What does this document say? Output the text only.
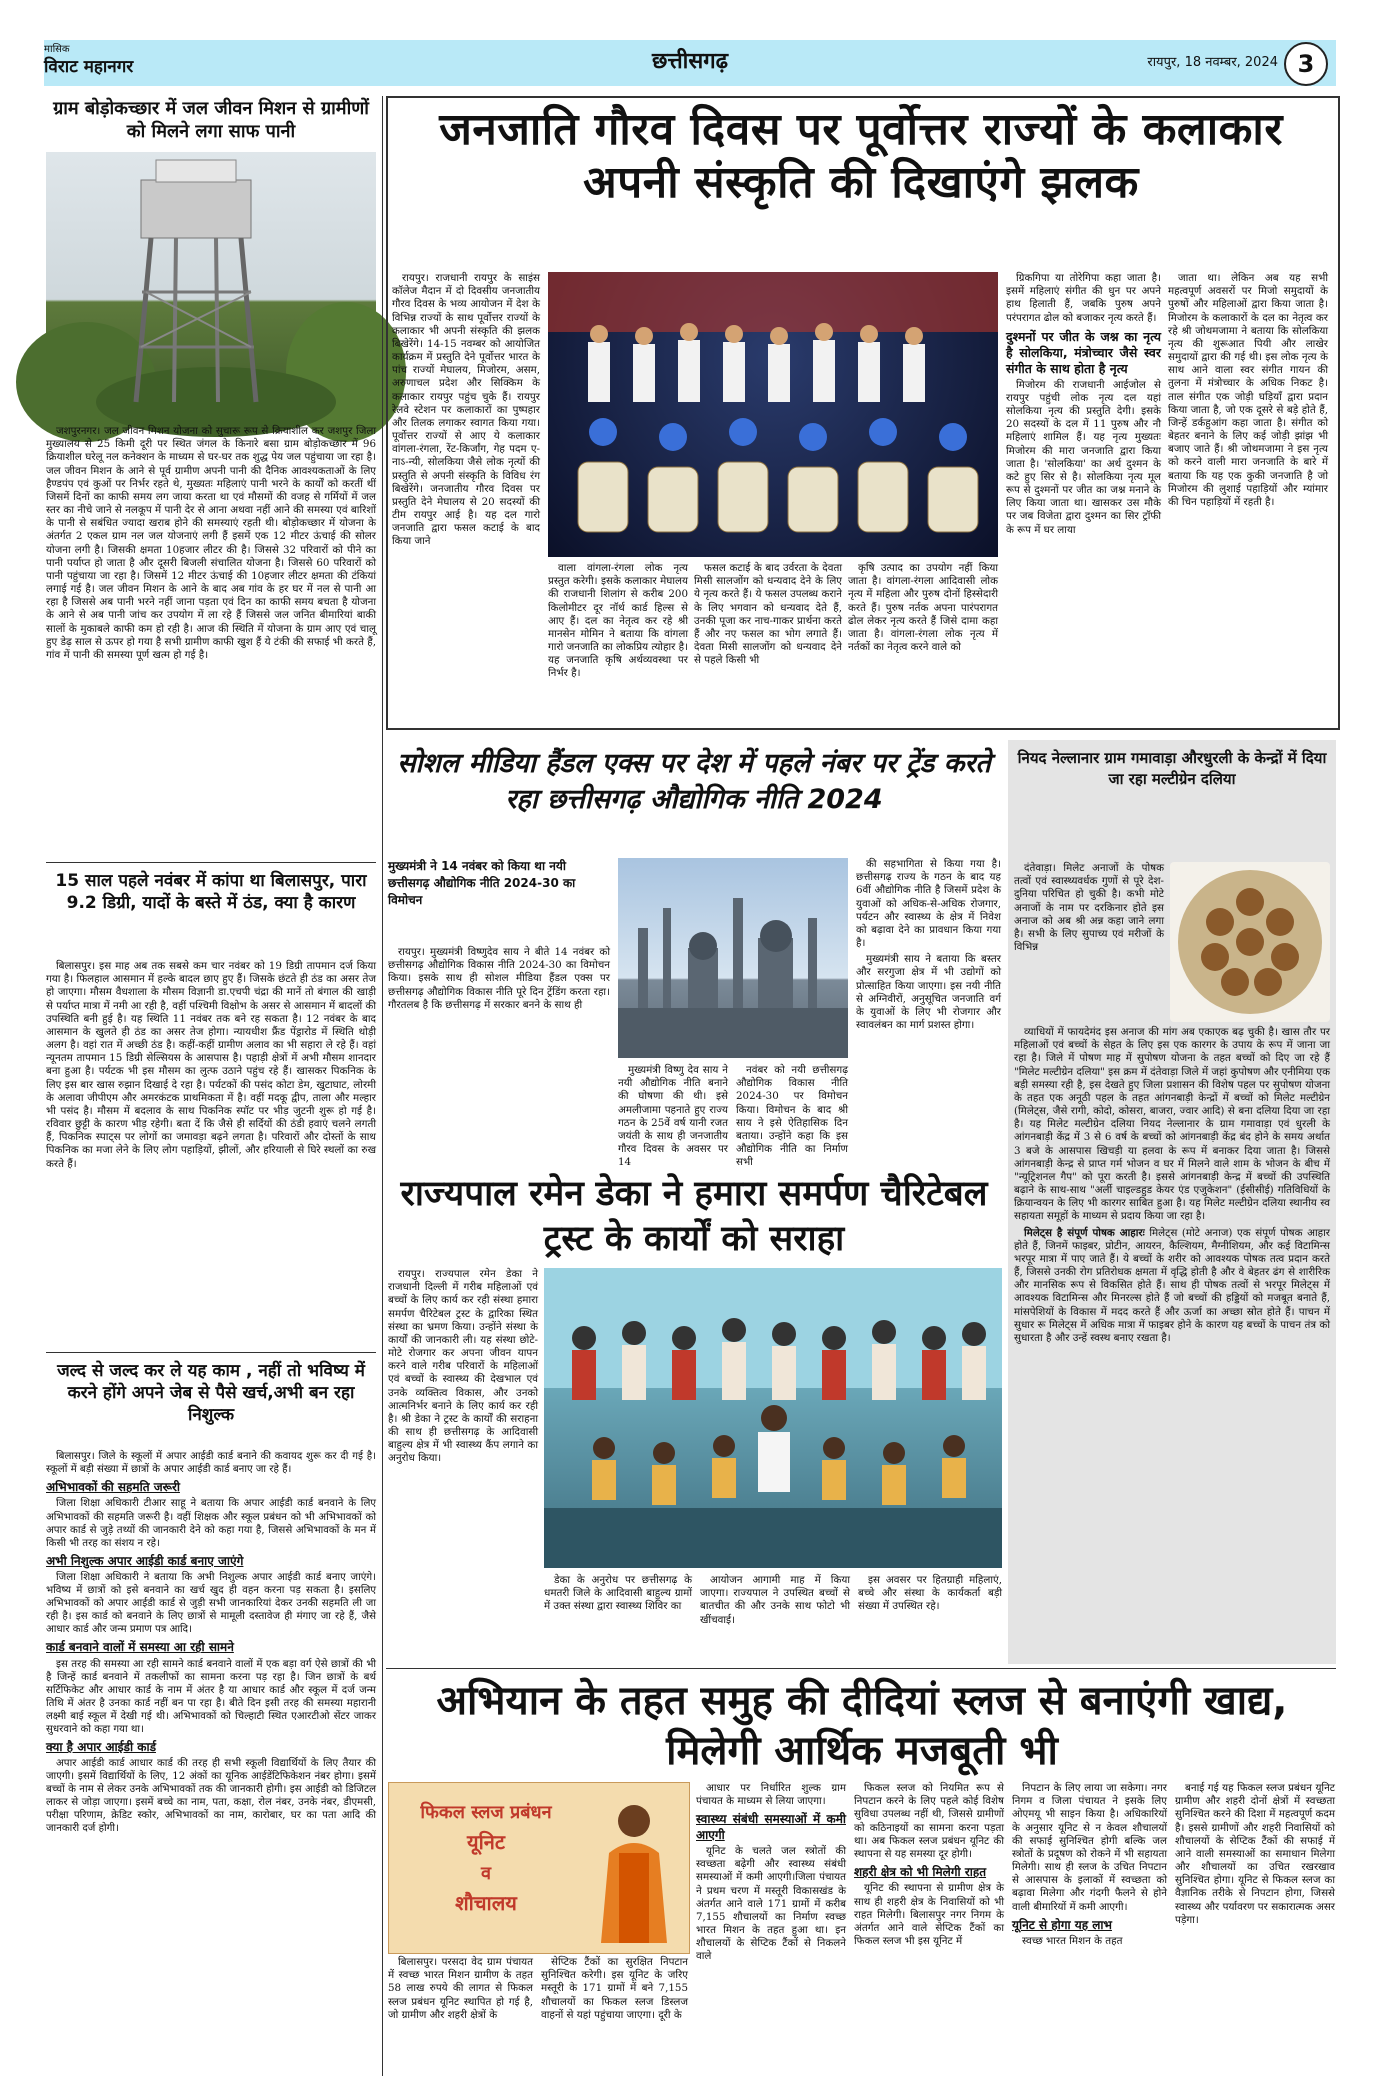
मासिक
विराट महानगर	छत्तीसगढ़	रायपुर, 18 नवम्बर, 2024 3
ग्राम बोड़ोकच्छार में जल जीवन मिशन से ग्रामीणों को मिलने लगा साफ पानी

जशपुरनगर। जल जीवन मिशन योजना को सुचारू रूप से क्रियाशील कर जशपुर जिला मुख्यालय से 25 किमी दूरी पर स्थित जंगल के किनारे बसा ग्राम बोड़ोकच्छार में 96 क्रियाशील घरेलू नल कनेक्शन के माध्यम से घर-घर तक शुद्ध पेय जल पहुंचाया जा रहा है। जल जीवन मिशन के आने से पूर्व ग्रामीण अपनी पानी की दैनिक आवश्यकताओं के लिए हैण्डपंप एवं कुओं पर निर्भर रहते थे, मुख्यतः महिलाएं पानी भरने के कार्यों को करतीं थीं जिसमें दिनों का काफी समय लग जाया करता था एवं मौसमों की वजह से गर्मियों में जल स्तर का नीचे जाने से नलकूप में पानी देर से आना अथवा नहीं आने की समस्या एवं बारिशों के पानी से सबंधित ज्यादा खराब होने की समस्याएं रहती थी। बोड़ोकच्छार में योजना के अंतर्गत 2 एकल ग्राम नल जल योजनाएं लगी हैं इसमें एक 12 मीटर ऊंचाई की सोलर योजना लगी है। जिसकी क्षमता 10हजार लीटर की है। जिससे 32 परिवारों को पीने का पानी पर्याप्त हो जाता है और दूसरी बिजली संचालित योजना है। जिससे 60 परिवारों को पानी पहुंचाया जा रहा है। जिसमें 12 मीटर ऊंचाई की 10हजार लीटर क्षमता की टंकियां लगाई गई है। जल जीवन मिशन के आने के बाद अब गांव के हर घर में नल से पानी आ रहा है जिससे अब पानी भरने नहीं जाना पड़ता एवं दिन का काफी समय बचता है योजना के आने से अब पानी जांच कर उपयोग में ला रहे हैं जिससे जल जनित बीमारियां बाकी सालों के मुकाबले काफी कम हो रही है। आज की स्थिति में योजना के ग्राम आए एवं चालू हुए डेढ़ साल से ऊपर हो गया है सभी ग्रामीण काफी खुश हैं ये टंकी की सफाई भी करते हैं, गांव में पानी की समस्या पूर्ण खत्म हो गई है।

15 साल पहले नवंबर में कांपा था बिलासपुर, पारा 9.2 डिग्री, यादों के बस्ते में ठंड, क्या है कारण

बिलासपुर। इस माह अब तक सबसे कम चार नवंबर को 19 डिग्री तापमान दर्ज किया गया है। फिलहाल आसमान में हल्के बादल छाए हुए हैं। जिसके छंटते ही ठंड का असर तेज हो जाएगा। मौसम वैधशाला के मौसम विज्ञानी डा.एचपी चंद्रा की मानें तो बंगाल की खाड़ी से पर्याप्त मात्रा में नमी आ रही है, वहीं पश्चिमी विक्षोभ के असर से आसमान में बादलों की उपस्थिति बनी हुई है। यह स्थिति 11 नवंबर तक बने रह सकता है। 12 नवंबर के बाद आसमान के खुलते ही ठंड का असर तेज होगा। न्यायधीश फ्रैंड पेंड्रारोड में स्थिति थोड़ी अलग है। वहां रात में अच्छी ठंड है। कहीं-कहीं ग्रामीण अलाव का भी सहारा ले रहे हैं। वहां न्यूनतम तापमान 15 डिग्री सेल्सियस के आसपास है। पहाड़ी क्षेत्रों में अभी मौसम शानदार बना हुआ है। पर्यटक भी इस मौसम का लुत्फ उठाने पहुंच रहे हैं। खासकर पिकनिक के लिए इस बार खास रुझान दिखाई दे रहा है। पर्यटकों की पसंद कोटा डेम, खुटाघाट, लोरमी के अलावा जीपीएम और अमरकंटक प्राथमिकता में है। वहीं मदकू द्वीप, ताला और मल्हार भी पसंद है। मौसम में बदलाव के साथ पिकनिक स्पॉट पर भीड़ जुटनी शुरू हो गई है। रविवार छुट्टी के कारण भीड़ रहेगी। बता दें कि जैसे ही सर्दियों की ठंडी हवाएं चलने लगती हैं, पिकनिक स्पाट्स पर लोगों का जमावड़ा बढ़ने लगता है। परिवारों और दोस्तों के साथ पिकनिक का मजा लेने के लिए लोग पहाड़ियों, झीलों, और हरियाली से घिरे स्थलों का रुख करते हैं।

जल्द से जल्द कर ले यह काम , नहीं तो भविष्य में करने होंगे अपने जेब से पैसे खर्च,अभी बन रहा निशुल्क

बिलासपुर। जिले के स्कूलों में अपार आईडी कार्ड बनाने की कवायद शुरू कर दी गई है। स्कूलों में बड़ी संख्या में छात्रों के अपार आईडी कार्ड बनाए जा रहे हैं।

अभिभावकों की सहमति जरूरी

जिला शिक्षा अधिकारी टीआर साहू ने बताया कि अपार आईडी कार्ड बनवाने के लिए अभिभावकों की सहमति जरूरी है। वहीं शिक्षक और स्कूल प्रबंधन को भी अभिभावकों को अपार कार्ड से जुड़े तथ्यों की जानकारी देने को कहा गया है, जिससे अभिभावकों के मन में किसी भी तरह का संशय न रहे।

अभी निशुल्क अपार आईडी कार्ड बनाए जाएंगे

जिला शिक्षा अधिकारी ने बताया कि अभी निशुल्क अपार आईडी कार्ड बनाए जाएंगे। भविष्य में छात्रों को इसे बनवाने का खर्च खुद ही वहन करना पड़ सकता है। इसलिए अभिभावकों को अपार आईडी कार्ड से जुड़ी सभी जानकारियां देकर उनकी सहमति ली जा रही है। इस कार्ड को बनवाने के लिए छात्रों से मामूली दस्तावेज ही मंगाए जा रहे हैं, जैसे आधार कार्ड और जन्म प्रमाण पत्र आदि।

कार्ड बनवाने वालों में समस्या आ रही सामने

इस तरह की समस्या आ रही सामने कार्ड बनवाने वालों में एक बड़ा वर्ग ऐसे छात्रों की भी है जिन्हें कार्ड बनवाने में तकलीफों का सामना करना पड़ रहा है। जिन छात्रों के बर्थ सर्टिफिकेट और आधार कार्ड के नाम में अंतर है या आधार कार्ड और स्कूल में दर्ज जन्म तिथि में अंतर है उनका कार्ड नहीं बन पा रहा है। बीते दिन इसी तरह की समस्या महारानी लक्ष्मी बाई स्कूल में देखी गई थी। अभिभावकों को चिल्हाटी स्थित एआरटीओ सेंटर जाकर सुधरवाने को कहा गया था।

क्या है अपार आईडी कार्ड

अपार आईडी कार्ड आधार कार्ड की तरह ही सभी स्कूली विद्यार्थियों के लिए तैयार की जाएगी। इसमें विद्यार्थियों के लिए, 12 अंकों का यूनिक आईडेंटिफिकेशन नंबर होगा। इसमें बच्चों के नाम से लेकर उनके अभिभावकों तक की जानकारी होगी। इस आईडी को डिजिटल लाकर से जोड़ा जाएगा। इसमें बच्चे का नाम, पता, कक्षा, रोल नंबर, उनके नंबर, डीएमसी, परीक्षा परिणाम, क्रेडिट स्कोर, अभिभावकों का नाम, कारोबार, घर का पता आदि की जानकारी दर्ज होगी।

जनजाति गौरव दिवस पर पूर्वोत्तर राज्यों के कलाकार अपनी संस्कृति की दिखाएंगे झलक

रायपुर। राजधानी रायपुर के साइंस कॉलेज मैदान में दो दिवसीय जनजातीय गौरव दिवस के भव्य आयोजन में देश के विभिन्न राज्यों के साथ पूर्वोत्तर राज्यों के कलाकार भी अपनी संस्कृति की झलक बिखेरेंगे। 14-15 नवम्बर को आयोजित कार्यक्रम में प्रस्तुति देने पूर्वोत्तर भारत के पांच राज्यों मेघालय, मिजोरम, असम, अरुणाचल प्रदेश और सिक्किम के कलाकार रायपुर पहुंच चुके हैं। रायपुर रेलवे स्टेशन पर कलाकारों का पुष्पहार और तिलक लगाकर स्वागत किया गया। पूर्वोत्तर राज्यों से आए ये कलाकार वांगला-रंगला, रेंट-किर्जांग, गेह पदम ए-नाऽ-न्यी, सोलकिया जैसे लोक नृत्यों की प्रस्तुति से अपनी संस्कृति के विविध रंग बिखेरेंगे। जनजातीय गौरव दिवस पर प्रस्तुति देने मेघालय से 20 सदस्यों की टीम रायपुर आई है। यह दल गारो जनजाति द्वारा फसल कटाई के बाद किया जाने

वाला वांगला-रंगला लोक नृत्य प्रस्तुत करेगी। इसके कलाकार मेघालय की राजधानी शिलांग से करीब 200 किलोमीटर दूर नॉर्थ कार्ड हिल्स से आए हैं। दल का नेतृत्व कर रहे श्री मानसेन मोमिन ने बताया कि वांगला गारो जनजाति का लोकप्रिय त्योहार है। यह जनजाति कृषि अर्थव्यवस्था पर निर्भर है।

फसल कटाई के बाद उर्वरता के देवता मिसी सालजोंग को धन्यवाद देने के लिए ये नृत्य करते हैं। ये फसल उपलब्ध कराने के लिए भगवान को धन्यवाद देते हैं, उनकी पूजा कर नाच-गाकर प्रार्थना करते हैं और नए फसल का भोग लगाते हैं। देवता मिसी सालजोंग को धन्यवाद देने से पहले किसी भी

कृषि उत्पाद का उपयोग नहीं किया जाता है। वांगला-रंगला आदिवासी लोक नृत्य में महिला और पुरुष दोनों हिस्सेदारी करते हैं। पुरुष नर्तक अपना पारंपरागत ढोल लेकर नृत्य करते हैं जिसे दामा कहा जाता है। वांगला-रंगला लोक नृत्य में नर्तकों का नेतृत्व करने वाले को

ग्रिकगिपा या तोरेगिपा कहा जाता है। इसमें महिलाएं संगीत की धुन पर अपने हाथ हिलाती हैं, जबकि पुरुष अपने परंपरागत ढोल को बजाकर नृत्य करते हैं।

दुश्मनों पर जीत के जश्न का नृत्य है सोलकिया, मंत्रोच्चार जैसे स्वर संगीत के साथ होता है नृत्य

मिजोरम की राजधानी आईजोल से रायपुर पहुंची लोक नृत्य दल यहां सोलकिया नृत्य की प्रस्तुति देगी। इसके 20 सदस्यों के दल में 11 पुरुष और नौ महिलाएं शामिल हैं। यह नृत्य मुख्यतः मिजोरम की मारा जनजाति द्वारा किया जाता है। 'सोलकिया' का अर्थ दुश्मन के कटे हुए सिर से है। सोलकिया नृत्य मूल रूप से दुश्मनों पर जीत का जश्न मनाने के लिए किया जाता था। खासकर उस मौके पर जब विजेता द्वारा दुश्मन का सिर ट्रॉफी के रूप में घर लाया

जाता था। लेकिन अब यह सभी महत्वपूर्ण अवसरों पर मिजो समुदायों के पुरुषों और महिलाओं द्वारा किया जाता है। मिजोरम के कलाकारों के दल का नेतृत्व कर रहे श्री जोथमजामा ने बताया कि सोलकिया नृत्य की शुरूआत पियी और लाखेर समुदायों द्वारा की गई थी। इस लोक नृत्य के साथ आने वाला स्वर संगीत गायन की तुलना में मंत्रोच्चार के अधिक निकट है। ताल संगीत एक जोड़ी घड़ियाँ द्वारा प्रदान किया जाता है, जो एक दूसरे से बड़े होते हैं, जिन्हें डर्कहुआंग कहा जाता है। संगीत को बेहतर बनाने के लिए कई जोड़ी झांझ भी बजाए जाते हैं। श्री जोथमजामा ने इस नृत्य को करने वाली मारा जनजाति के बारे में बताया कि यह एक कुकी जनजाति है जो मिजोरम की लुशाई पहाड़ियों और म्यांमार की चिन पहाड़ियों में रहती है।

सोशल मीडिया हैंडल एक्स पर देश में पहले नंबर पर ट्रेंड करते रहा छत्तीसगढ़ औद्योगिक नीति 2024
मुख्यमंत्री ने 14 नवंबर को किया था नयी छत्तीसगढ़ औद्योगिक नीति 2024-30 का विमोचन

रायपुर। मुख्यमंत्री विष्णुदेव साय ने बीते 14 नवंबर को छत्तीसगढ़ औद्योगिक विकास नीति 2024-30 का विमोचन किया। इसके साथ ही सोशल मीडिया हैंडल एक्स पर छत्तीसगढ़ औद्योगिक विकास नीति पूरे दिन ट्रेंडिंग करता रहा। गौरतलब है कि छत्तीसगढ़ में सरकार बनने के साथ ही

मुख्यमंत्री विष्णु देव साय ने नयी औद्योगिक नीति बनाने की घोषणा की थी। इसे अमलीजामा पहनाते हुए राज्य गठन के 25वें वर्ष यानी रजत जयंती के साथ ही जनजातीय गौरव दिवस के अवसर पर 14

नवंबर को नयी छत्तीसगढ़ औद्योगिक विकास नीति 2024-30 पर विमोचन किया। विमोचन के बाद श्री साय ने इसे ऐतिहासिक दिन बताया। उन्होंने कहा कि इस औद्योगिक नीति का निर्माण सभी

की सहभागिता से किया गया है। छत्तीसगढ़ राज्य के गठन के बाद यह 6वीं औद्योगिक नीति है जिसमें प्रदेश के युवाओं को अधिक-से-अधिक रोजगार, पर्यटन और स्वास्थ्य के क्षेत्र में निवेश को बढ़ावा देने का प्रावधान किया गया है।

मुख्यमंत्री साय ने बताया कि बस्तर और सरगुजा क्षेत्र में भी उद्योगों को प्रोत्साहित किया जाएगा। इस नयी नीति से अग्निवीरों, अनुसूचित जनजाति वर्ग के युवाओं के लिए भी रोजगार और स्वावलंबन का मार्ग प्रशस्त होगा।

नियद नेल्लानार ग्राम गमावाड़ा औरधुरली के केन्द्रों में दिया जा रहा मल्टीग्रेन दलिया

दंतेवाड़ा। मिलेट अनाजों के पोषक तत्वों एवं स्वास्थ्यवर्धक गुणों से पूरे देश-दुनिया परिचित हो चुकी है। कभी मोटे अनाजों के नाम पर दरकिनार होते इस अनाज को अब श्री अन्न कहा जाने लगा है। सभी के लिए सुपाच्य एवं मरीजों के विभिन्न

व्याधियों में फायदेमंद इस अनाज की मांग अब एकाएक बढ़ चुकी है। खास तौर पर महिलाओं एवं बच्चों के सेहत के लिए इस एक कारगर के उपाय के रूप में जाना जा रहा है। जिले में पोषण माह में सुपोषण योजना के तहत बच्चों को दिए जा रहे हैं "मिलेट मल्टीग्रेन दलिया" इस क्रम में दंतेवाड़ा जिले में जहां कुपोषण और एनीमिया एक बड़ी समस्या रही है, इस देखते हुए जिला प्रशासन की विशेष पहल पर सुपोषण योजना के तहत एक अनूठी पहल के तहत आंगनबाड़ी केन्द्रों में बच्चों को मिलेट मल्टीग्रेन (मिलेट्स, जैसे रागी, कोदो, कोसरा, बाजरा, ज्वार आदि) से बना दलिया दिया जा रहा है। यह मिलेट मल्टीग्रेन दलिया नियद नेल्लानार के ग्राम गमावाड़ा एवं धुरली के आंगनबाड़ी केंद्र में 3 से 6 वर्ष के बच्चों को आंगनबाड़ी केंद्र बंद होने के समय अर्थात 3 बजे के आसपास खिचड़ी या हलवा के रूप में बनाकर दिया जाता है। जिससे आंगनबाड़ी केन्द्र से प्राप्त गर्म भोजन व घर में मिलने वाले शाम के भोजन के बीच में "न्यूट्रिशनल गैप" को पूरा करती है। इससे आंगनबाड़ी केन्द्र में बच्चों की उपस्थिति बढ़ाने के साथ-साथ "अर्ली चाइल्डहुड केयर एंड एजुकेशन" (ईसीसीई) गतिविधियों के क्रियान्वयन के लिए भी कारगर साबित हुआ है। यह मिलेट मल्टीग्रेन दलिया स्थानीय स्व सहायता समूहों के माध्यम से प्रदाय किया जा रहा है।

मिलेट्स है संपूर्ण पोषक आहारः मिलेट्स (मोटे अनाज) एक संपूर्ण पोषक आहार होते हैं, जिनमें फाइबर, प्रोटीन, आयरन, कैल्शियम, मैग्नीशियम, और कई विटामिन्स भरपूर मात्रा में पाए जाते हैं। ये बच्चों के शरीर को आवश्यक पोषक तत्व प्रदान करते हैं, जिससे उनकी रोग प्रतिरोधक क्षमता में वृद्धि होती है और वे बेहतर ढंग से शारीरिक और मानसिक रूप से विकसित होते हैं। साथ ही पोषक तत्वों से भरपूर मिलेट्स में आवश्यक विटामिन्स और मिनरल्स होते हैं जो बच्चों की हड्डियों को मजबूत बनाते हैं, मांसपेशियों के विकास में मदद करते हैं और ऊर्जा का अच्छा स्रोत होते हैं। पाचन में सुधार रू मिलेट्स में अधिक मात्रा में फाइबर होने के कारण यह बच्चों के पाचन तंत्र को सुधारता है और उन्हें स्वस्थ बनाए रखता है।

राज्यपाल रमेन डेका ने हमारा समर्पण चैरिटेबल ट्रस्ट के कार्यों को सराहा

रायपुर। राज्यपाल रमेन डेका ने राजधानी दिल्ली में गरीब महिलाओं एवं बच्चों के लिए कार्य कर रही संस्था हमारा समर्पण चैरिटेबल ट्रस्ट के द्वारिका स्थित संस्था का भ्रमण किया। उन्होंने संस्था के कार्यों की जानकारी ली। यह संस्था छोटे-मोटे रोजगार कर अपना जीवन यापन करने वाले गरीब परिवारों के महिलाओं एवं बच्चों के स्वास्थ्य की देखभाल एवं उनके व्यक्तित्व विकास, और उनको आत्मनिर्भर बनाने के लिए कार्य कर रही है। श्री डेका ने ट्रस्ट के कार्यों की सराहना की साथ ही छत्तीसगढ़ के आदिवासी बाहुल्य क्षेत्र में भी स्वास्थ्य कैंप लगाने का अनुरोध किया।

डेका के अनुरोध पर छत्तीसगढ़ के धमतरी जिले के आदिवासी बाहुल्य ग्रामों में उक्त संस्था द्वारा स्वास्थ्य शिविर का

आयोजन आगामी माह में किया जाएगा। राज्यपाल ने उपस्थित बच्चों से बातचीत की और उनके साथ फोटो भी खींचवाई।

इस अवसर पर हितग्राही महिलाएं, बच्चे और संस्था के कार्यकर्ता बड़ी संख्या में उपस्थित रहे।

अभियान के तहत समुह की दीदियां स्लज से बनाएंगी खाद्य, मिलेगी आर्थिक मजबूती भी
फिकल स्लज प्रबंधन
यूनिट
व
शौचालय

बिलासपुर। परसदा वेद ग्राम पंचायत में स्वच्छ भारत मिशन ग्रामीण के तहत 58 लाख रुपये की लागत से फिकल स्लज प्रबंधन यूनिट स्थापित हो गई है, जो ग्रामीण और शहरी क्षेत्रों के

सेप्टिक टैंकों का सुरक्षित निपटान सुनिश्चित करेगी। इस यूनिट के जरिए मस्तूरी के 171 ग्रामों में बने 7,155 शौचालयों का फिकल स्लज डिस्लज वाहनों से यहां पहुंचाया जाएगा। दूरी के

आधार पर निर्धारित शुल्क ग्राम पंचायत के माध्यम से लिया जाएगा।

स्वास्थ्य संबंधी समस्याओं में कमी आएगी

यूनिट के चलते जल स्त्रोतों की स्वच्छता बढ़ेगी और स्वास्थ्य संबंधी समस्याओं में कमी आएगी।जिला पंचायत ने प्रथम चरण में मस्तूरी विकासखंड के अंतर्गत आने वाले 171 ग्रामों में करीब 7,155 शौचालयों का निर्माण स्वच्छ भारत मिशन के तहत हुआ था। इन शौचालयों के सेप्टिक टैंकों से निकलने वाले

फिकल स्लज को नियमित रूप से निपटान करने के लिए पहले कोई विशेष सुविधा उपलब्ध नहीं थी, जिससे ग्रामीणों को कठिनाइयों का सामना करना पड़ता था। अब फिकल स्लज प्रबंधन यूनिट की स्थापना से यह समस्या दूर होगी।

शहरी क्षेत्र को भी मिलेगी राहत

यूनिट की स्थापना से ग्रामीण क्षेत्र के साथ ही शहरी क्षेत्र के निवासियों को भी राहत मिलेगी। बिलासपुर नगर निगम के अंतर्गत आने वाले सेप्टिक टैंकों का फिकल स्लज भी इस यूनिट में

निपटान के लिए लाया जा सकेगा। नगर निगम व जिला पंचायत ने इसके लिए ओएमयू भी साइन किया है। अधिकारियों के अनुसार यूनिट से न केवल शौचालयों की सफाई सुनिश्चित होगी बल्कि जल स्त्रोतों के प्रदूषण को रोकने में भी सहायता मिलेगी। साथ ही स्लज के उचित निपटान से आसपास के इलाकों में स्वच्छता को बढ़ावा मिलेगा और गंदगी फैलने से होने वाली बीमारियों में कमी आएगी।

यूनिट से होगा यह लाभ

स्वच्छ भारत मिशन के तहत

बनाई गई यह फिकल स्लज प्रबंधन यूनिट ग्रामीण और शहरी दोनों क्षेत्रों में स्वच्छता सुनिश्चित करने की दिशा में महत्वपूर्ण कदम है। इससे ग्रामीणों और शहरी निवासियों को शौचालयों के सेप्टिक टैंकों की सफाई में आने वाली समस्याओं का समाधान मिलेगा और शौचालयों का उचित रखरखाव सुनिश्चित होगा। यूनिट से फिकल स्लज का वैज्ञानिक तरीके से निपटान होगा, जिससे स्वास्थ्य और पर्यावरण पर सकारात्मक असर पड़ेगा।
